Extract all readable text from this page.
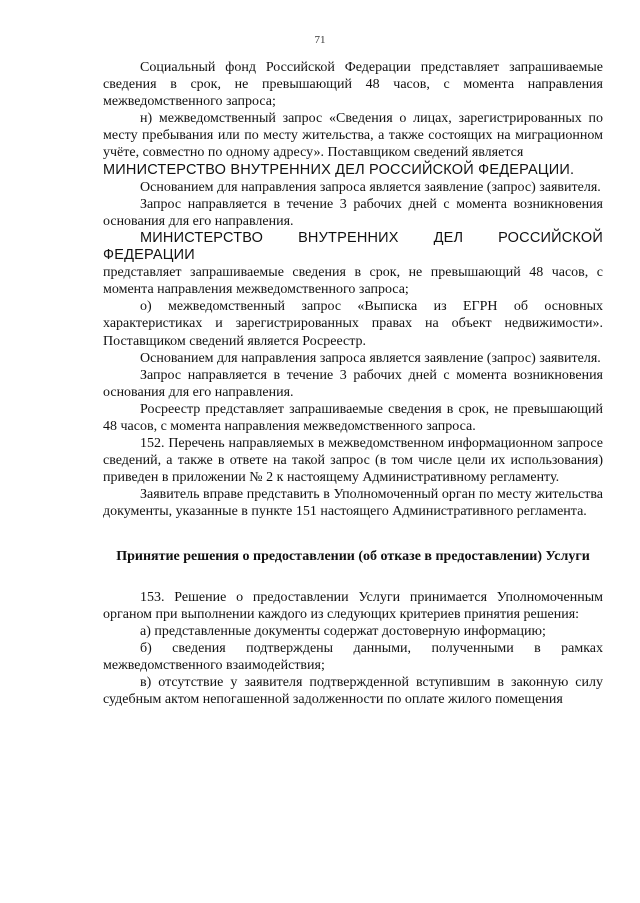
71

Социальный фонд Российской Федерации представляет запрашиваемые сведения в срок, не превышающий 48 часов, с момента направления межведомственного запроса;

н) межведомственный запрос «Сведения о лицах, зарегистрированных по месту пребывания или по месту жительства, а также состоящих на миграционном учёте, совместно по одному адресу». Поставщиком сведений является

МИНИСТЕРСТВО ВНУТРЕННИХ ДЕЛ РОССИЙСКОЙ ФЕДЕРАЦИИ.

Основанием для направления запроса является заявление (запрос) заявителя.

Запрос направляется в течение 3 рабочих дней с момента возникновения основания для его направления.

МИНИСТЕРСТВО ВНУТРЕННИХ ДЕЛ РОССИЙСКОЙ ФЕДЕРАЦИИ

представляет запрашиваемые сведения в срок, не превышающий 48 часов, с момента направления межведомственного запроса;

о) межведомственный запрос «Выписка из ЕГРН об основных характеристиках и зарегистрированных правах на объект недвижимости». Поставщиком сведений является Росреестр.

Основанием для направления запроса является заявление (запрос) заявителя.

Запрос направляется в течение 3 рабочих дней с момента возникновения основания для его направления.

Росреестр представляет запрашиваемые сведения в срок, не превышающий 48 часов, с момента направления межведомственного запроса.

152. Перечень направляемых в межведомственном информационном запросе сведений, а также в ответе на такой запрос (в том числе цели их использования) приведен в приложении № 2 к настоящему Административному регламенту.

Заявитель вправе представить в Уполномоченный орган по месту жительства документы, указанные в пункте 151 настоящего Административного регламента.

Принятие решения о предоставлении (об отказе в предоставлении) Услуги

153. Решение о предоставлении Услуги принимается Уполномоченным органом при выполнении каждого из следующих критериев принятия решения:

а) представленные документы содержат достоверную информацию;

б) сведения подтверждены данными, полученными в рамках межведомственного взаимодействия;

в) отсутствие у заявителя подтвержденной вступившим в законную силу судебным актом непогашенной задолженности по оплате жилого помещения
